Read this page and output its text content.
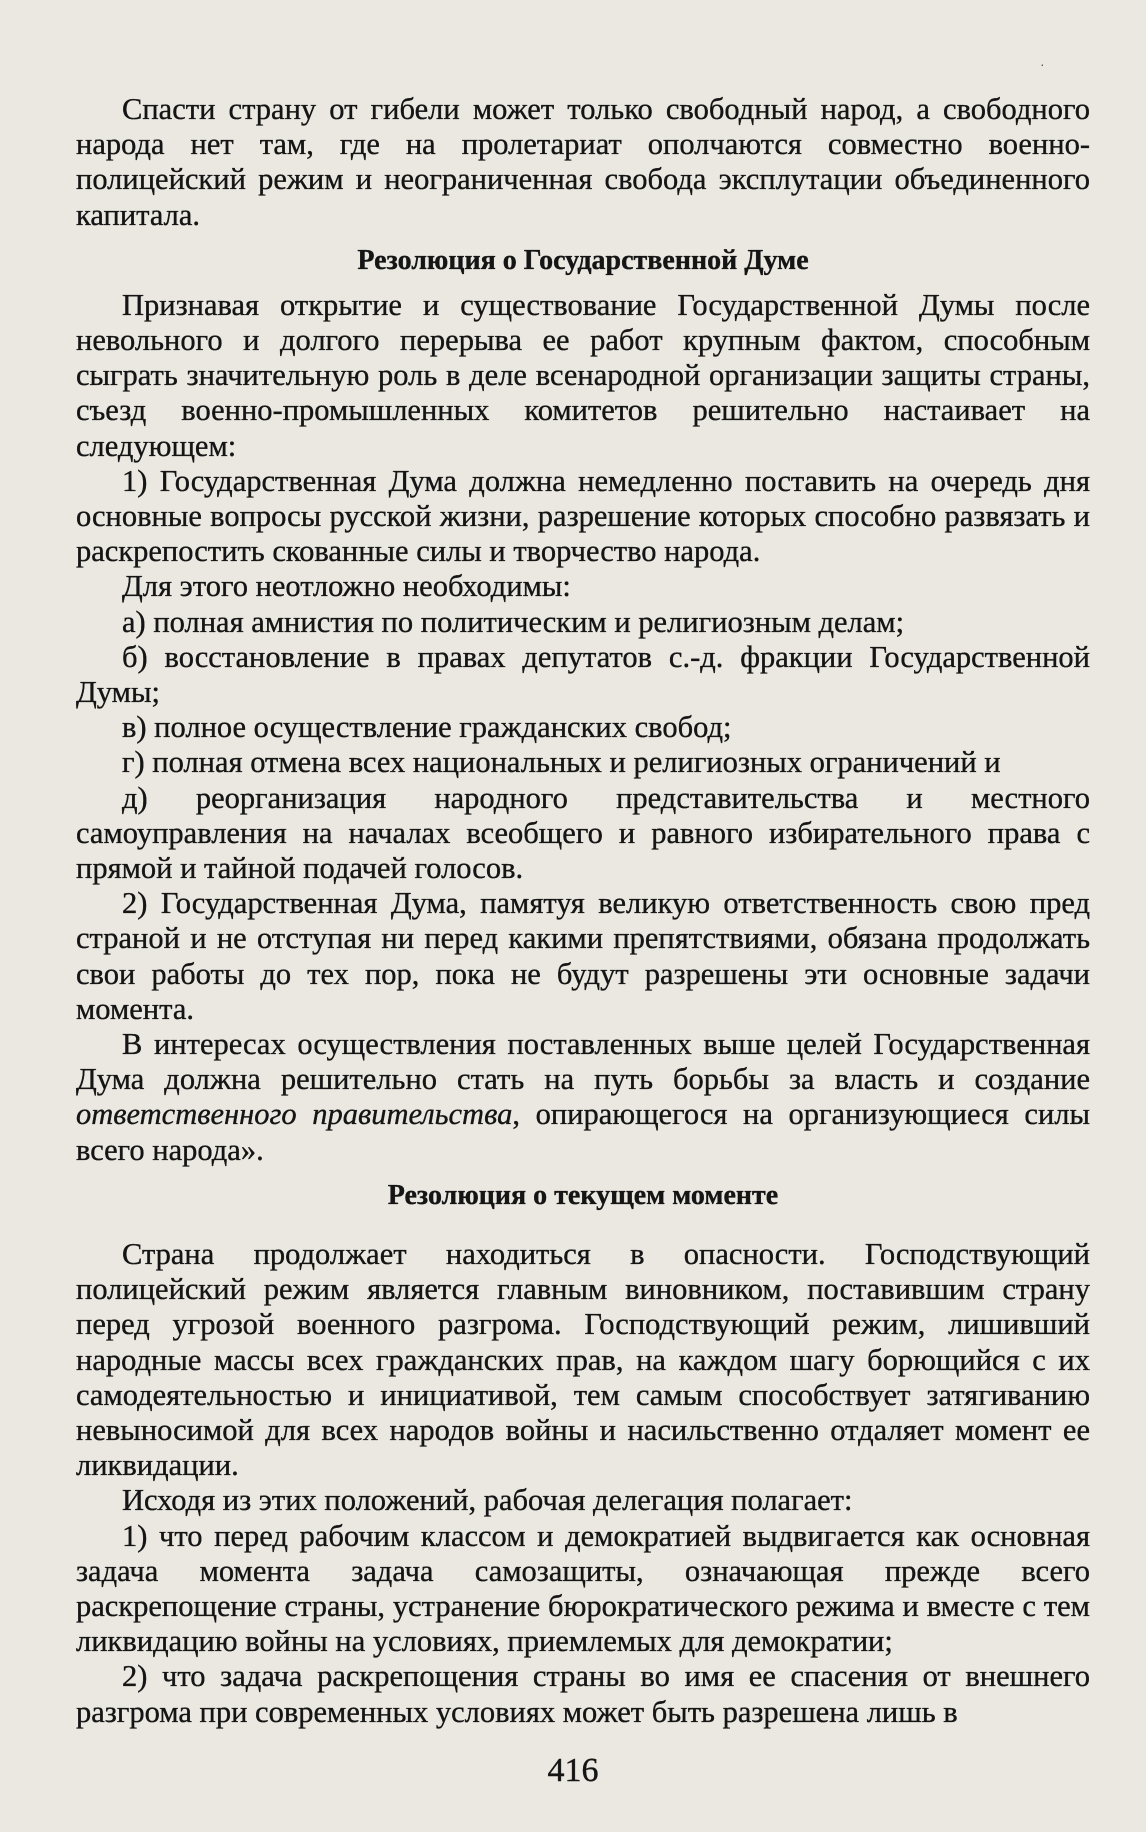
·

Спасти страну от гибели может только свободный народ, а свободного народа нет там, где на пролетариат ополчаются совместно военно-полицейский режим и неограниченная свобода эксплутации объединенного капитала.

Резолюция о Государственной Думе

Признавая открытие и существование Государственной Думы после невольного и долгого перерыва ее работ крупным фактом, способным сыграть значительную роль в деле всенародной организации защиты страны, съезд военно-промышленных комитетов решительно настаивает на следующем:

1) Государственная Дума должна немедленно поставить на очередь дня основные вопросы русской жизни, разрешение которых способно развязать и раскрепостить скованные силы и творчество народа.

Для этого неотложно необходимы:

а) полная амнистия по политическим и религиозным делам;

б) восстановление в правах депутатов с.-д. фракции Государственной Думы;

в) полное осуществление гражданских свобод;

г) полная отмена всех национальных и религиозных ограничений и

д) реорганизация народного представительства и местного самоуправления на началах всеобщего и равного избирательного права с прямой и тайной подачей голосов.

2) Государственная Дума, памятуя великую ответственность свою пред страной и не отступая ни перед какими препятствиями, обязана продолжать свои работы до тех пор, пока не будут разрешены эти основные задачи момента.

В интересах осуществления поставленных выше целей Государственная Дума должна решительно стать на путь борьбы за власть и создание ответственного правительства, опирающегося на организующиеся силы всего народа».

Резолюция о текущем моменте

Страна продолжает находиться в опасности. Господствующий полицейский режим является главным виновником, поставившим страну перед угрозой военного разгрома. Господствующий режим, лишивший народные массы всех гражданских прав, на каждом шагу борющийся с их самодеятельностью и инициативой, тем самым способствует затягиванию невыносимой для всех народов войны и насильственно отдаляет момент ее ликвидации.

Исходя из этих положений, рабочая делегация полагает:

1) что перед рабочим классом и демократией выдвигается как основная задача момента задача самозащиты, означающая прежде всего раскрепощение страны, устранение бюрократического режима и вместе с тем ликвидацию войны на условиях, приемлемых для демократии;

2) что задача раскрепощения страны во имя ее спасения от внешнего разгрома при современных условиях может быть разрешена лишь в

416
